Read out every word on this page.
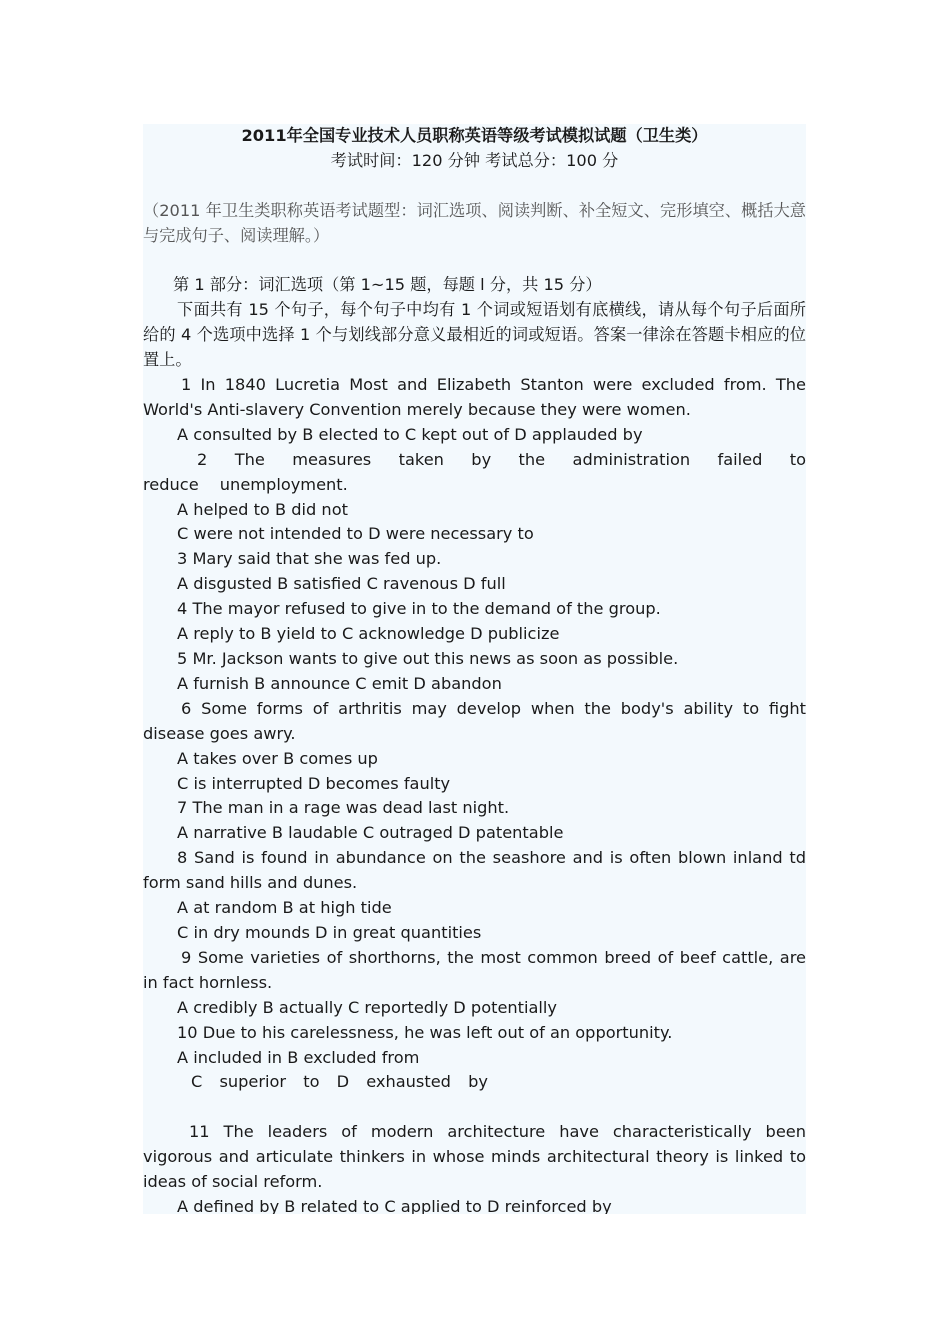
2011年全国专业技术人员职称英语等级考试模拟试题（卫生类）
考试时间：120 分钟 考试总分：100 分
（2011 年卫生类职称英语考试题型：词汇选项、阅读判断、补全短文、完形填空、概括大意与完成句子、阅读理解。）
第 1 部分：词汇选项（第 1~15 题，每题 l 分，共 15 分）
下面共有 15 个句子，每个句子中均有 1 个词或短语划有底横线，请从每个句子后面所给的 4 个选项中选择 1 个与划线部分意义最相近的词或短语。答案一律涂在答题卡相应的位置上。
1 In 1840 Lucretia Most and Elizabeth Stanton were excluded from. The World's Anti-slavery Convention merely because they were women.
A consulted by B elected to C kept out of D applauded by
2 The measures taken by the administration failed to reduce unemployment.
A helped to B did not
C were not intended to D were necessary to
3 Mary said that she was fed up.
A disgusted B satisfied C ravenous D full
4 The mayor refused to give in to the demand of the group.
A reply to B yield to C acknowledge D publicize
5 Mr. Jackson wants to give out this news as soon as possible.
A furnish B announce C emit D abandon
6 Some forms of arthritis may develop when the body's ability to fight disease goes awry.
A takes over B comes up
C is interrupted D becomes faulty
7 The man in a rage was dead last night.
A narrative B laudable C outraged D patentable
8 Sand is found in abundance on the seashore and is often blown inland td form sand hills and dunes.
A at random B at high tide
C in dry mounds D in great quantities
9 Some varieties of shorthorns, the most common breed of beef cattle, are in fact hornless.
A credibly B actually C reportedly D potentially
10 Due to his carelessness, he was left out of an opportunity.
A included in B excluded from
C superior to D exhausted by
11 The leaders of modern architecture have characteristically been vigorous and articulate thinkers in whose minds architectural theory is linked to ideas of social reform.
A defined by B related to C applied to D reinforced by
